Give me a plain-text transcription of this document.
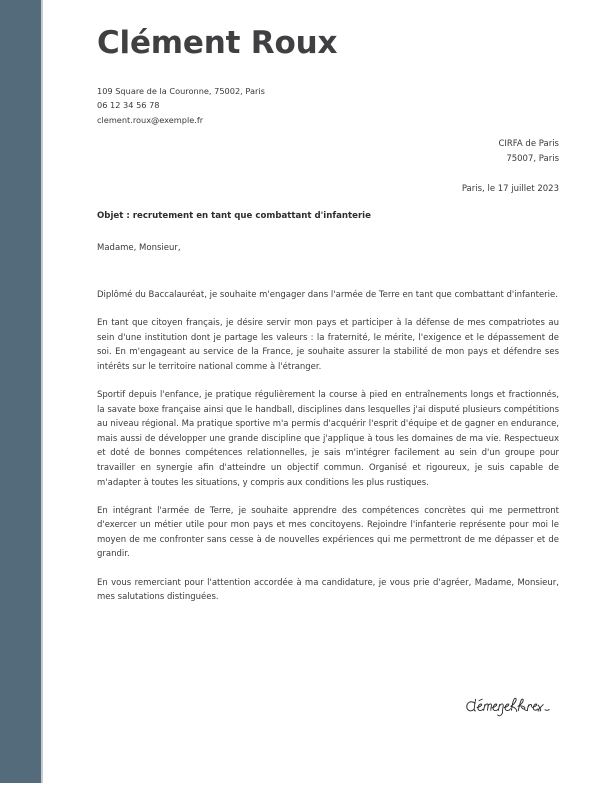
Clément Roux
109 Square de la Couronne, 75002, Paris
06 12 34 56 78
clement.roux@exemple.fr
CIRFA de Paris
75007, Paris
Paris, le 17 juillet 2023
Objet : recrutement en tant que combattant d'infanterie
Madame, Monsieur,

Diplômé du Baccalauréat, je souhaite m'engager dans l'armée de Terre en tant que combattant d'infanterie.

En tant que citoyen français, je désire servir mon pays et participer à la défense de mes compatriotes au sein d'une institution dont je partage les valeurs : la fraternité, le mérite, l'exigence et le dépassement de soi. En m'engageant au service de la France, je souhaite assurer la stabilité de mon pays et défendre ses intérêts sur le territoire national comme à l'étranger.

Sportif depuis l'enfance, je pratique régulièrement la course à pied en entraînements longs et fractionnés, la savate boxe française ainsi que le handball, disciplines dans lesquelles j'ai disputé plusieurs compétitions au niveau régional. Ma pratique sportive m'a permis d'acquérir l'esprit d'équipe et de gagner en endurance, mais aussi de développer une grande discipline que j'applique à tous les domaines de ma vie. Respectueux et doté de bonnes compétences relationnelles, je sais m'intégrer facilement au sein d'un groupe pour travailler en synergie afin d'atteindre un objectif commun. Organisé et rigoureux, je suis capable de m'adapter à toutes les situations, y compris aux conditions les plus rustiques.

En intégrant l'armée de Terre, je souhaite apprendre des compétences concrètes qui me permettront d'exercer un métier utile pour mon pays et mes concitoyens. Rejoindre l'infanterie représente pour moi le moyen de me confronter sans cesse à de nouvelles expériences qui me permettront de me dépasser et de grandir.

En vous remerciant pour l'attention accordée à ma candidature, je vous prie d'agréer, Madame, Monsieur, mes salutations distinguées.
